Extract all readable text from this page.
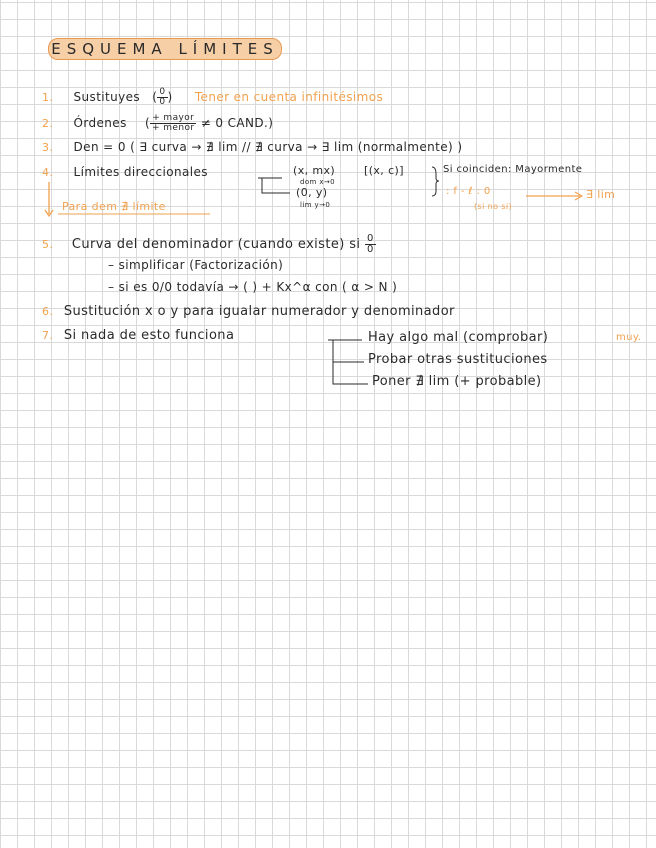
ESQUEMA LÍMITES
1. Sustituyes ( $\frac{0}{0}$ ) Tener en cuenta infinitésimos
2. Órdenes ( $\frac{\text{+ mayor}}{\text{+ menor}} \ne 0$ CAND.)
3. Den = 0 ( ∃ curva → ∄ lim // ∄ curva → ∃ lim (normalmente) )
4. Límites direccionales	(x, mx)
dom x→0
(0, y)
lim y→0
[(x, c)]	Si coinciden: Mayormente
: f - ℓ : 0	∃ lim
(si no si)
Para dem ∄ límite
5. Curva del denominador (cuando existe) si $\frac{0}{0}$
– simplificar (Factorización)
– si es 0/0 todavía → ( ) + Kx^α con ( α > N )
6. Sustitución x o y para igualar numerador y denominador
7. Si nada de esto funciona	Hay algo mal (comprobar)	muy.
Probar otras sustituciones
Poner ∄ lim (+ probable)
